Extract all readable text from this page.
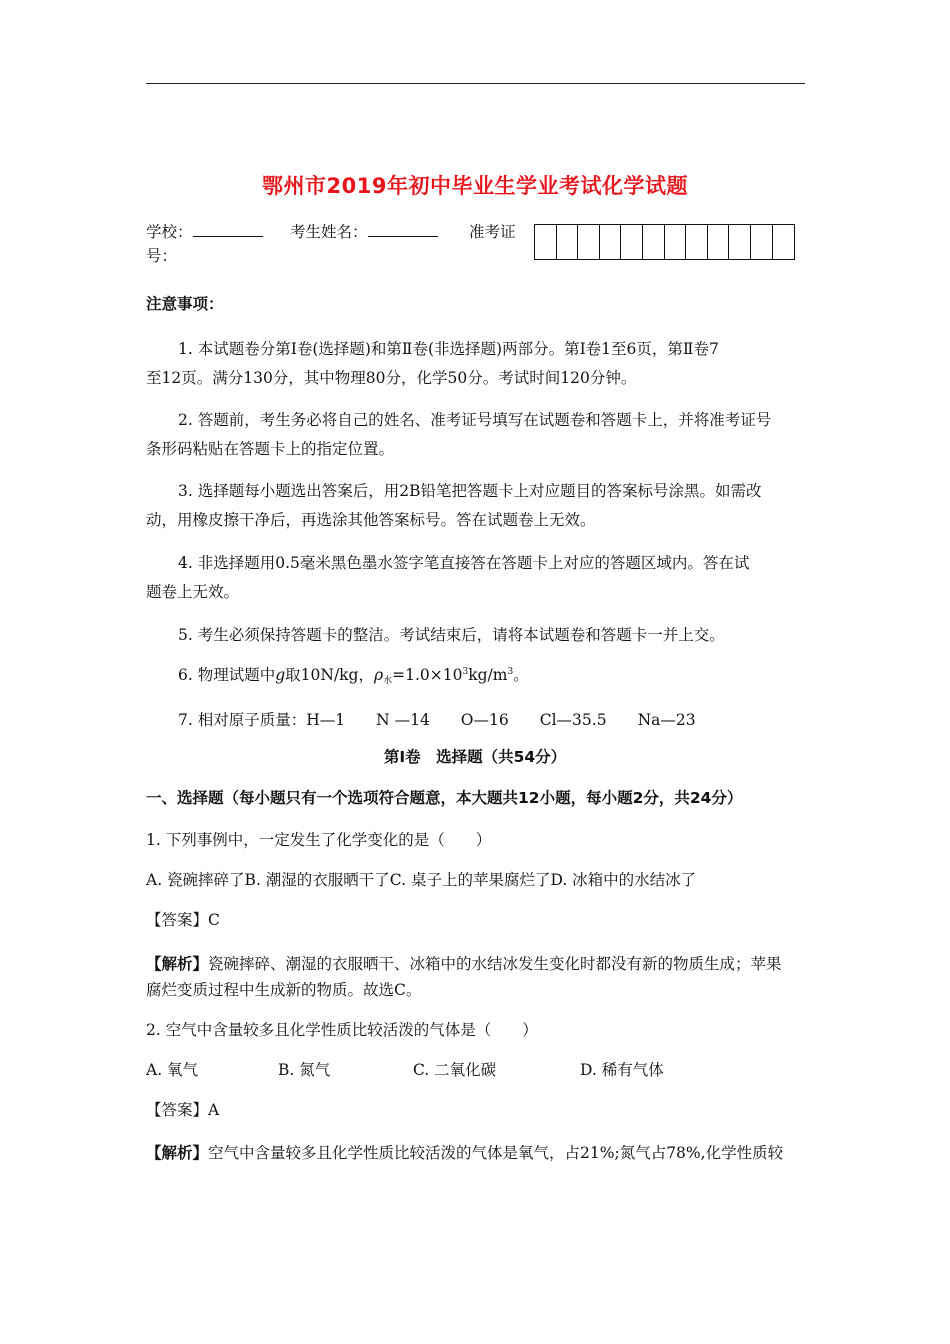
鄂州市2019年初中毕业生学业考试化学试题
学校：	考生姓名：	准考证
号：
注意事项：
1. 本试题卷分第Ⅰ卷(选择题)和第Ⅱ卷(非选择题)两部分。第Ⅰ卷1至6页，第Ⅱ卷7
至12页。满分130分，其中物理80分，化学50分。考试时间120分钟。
2. 答题前，考生务必将自己的姓名、准考证号填写在试题卷和答题卡上，并将准考证号
条形码粘贴在答题卡上的指定位置。
3. 选择题每小题选出答案后，用2B铅笔把答题卡上对应题目的答案标号涂黑。如需改
动，用橡皮擦干净后，再选涂其他答案标号。答在试题卷上无效。
4. 非选择题用0.5毫米黑色墨水签字笔直接答在答题卡上对应的答题区域内。答在试
题卷上无效。
5. 考生必须保持答题卡的整洁。考试结束后，请将本试题卷和答题卡一并上交。
6. 物理试题中g取10N/kg，$\rho_水=1.0\times 10^3kg/m^3$。
7. 相对原子质量：H—1　　N —14　　O—16　　Cl—35.5　　Na—23
第Ⅰ卷　选择题（共54分）
一、选择题（每小题只有一个选项符合题意，本大题共12小题，每小题2分，共24分）
1. 下列事例中，一定发生了化学变化的是（　　）
A. 瓷碗摔碎了B. 潮湿的衣服晒干了C. 桌子上的苹果腐烂了D. 冰箱中的水结冰了
【答案】C
【解析】瓷碗摔碎、潮湿的衣服晒干、冰箱中的水结冰发生变化时都没有新的物质生成；苹果
腐烂变质过程中生成新的物质。故选C。
2. 空气中含量较多且化学性质比较活泼的气体是（　　）
A. 氧气	B. 氮气	C. 二氧化碳	D. 稀有气体
【答案】A
【解析】空气中含量较多且化学性质比较活泼的气体是氧气，占21%;氮气占78%,化学性质较
